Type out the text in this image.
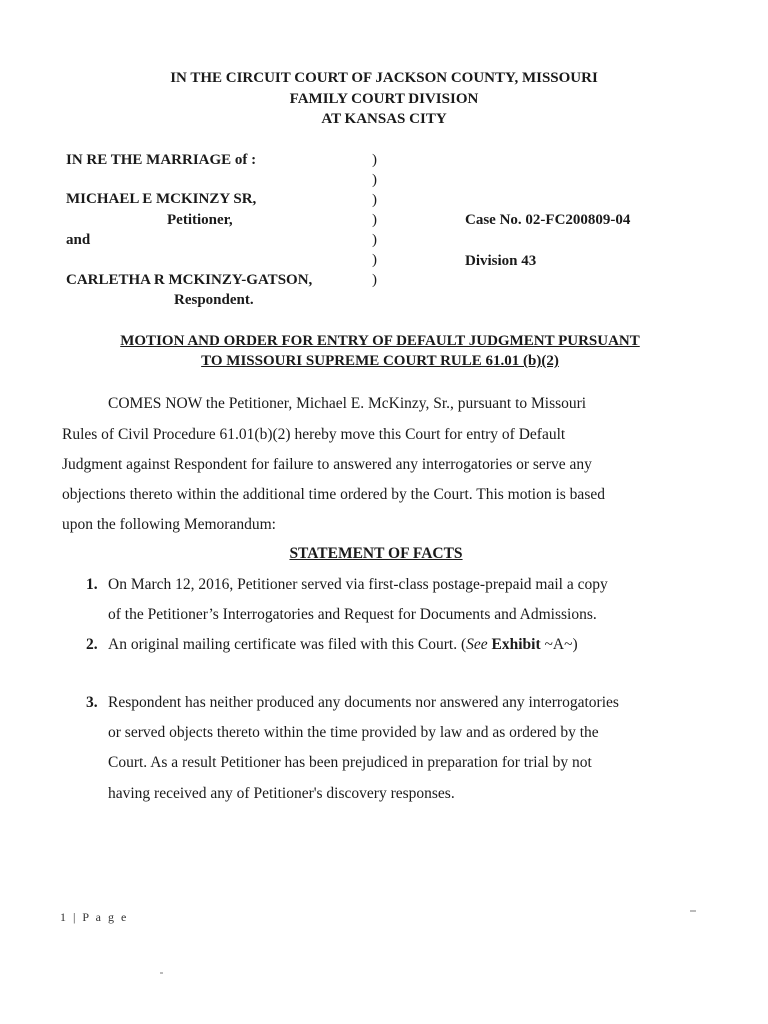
IN THE CIRCUIT COURT OF JACKSON COUNTY, MISSOURI
FAMILY COURT DIVISION
AT KANSAS CITY
IN RE THE MARRIAGE of :
MICHAEL E MCKINZY SR,
Petitioner,
and
CARLETHA R MCKINZY-GATSON,
Respondent.
)
)
)
)
)
)
)
Case No. 02-FC200809-04
Division 43
MOTION AND ORDER FOR ENTRY OF DEFAULT JUDGMENT PURSUANT
TO MISSOURI SUPREME COURT RULE 61.01 (b)(2)
COMES NOW the Petitioner, Michael E. McKinzy, Sr., pursuant to Missouri
Rules of Civil Procedure 61.01(b)(2) hereby move this Court for entry of Default
Judgment against Respondent for failure to answered any interrogatories or serve any
objections thereto within the additional time ordered by the Court. This motion is based
upon the following Memorandum:
STATEMENT OF FACTS
1. On March 12, 2016, Petitioner served via first-class postage-prepaid mail a copy
of the Petitioner’s Interrogatories and Request for Documents and Admissions.
2. An original mailing certificate was filed with this Court. (See Exhibit ~A~)
3. Respondent has neither produced any documents nor answered any interrogatories
or served objects thereto within the time provided by law and as ordered by the
Court. As a result Petitioner has been prejudiced in preparation for trial by not
having received any of Petitioner's discovery responses.
1 | P a g e
